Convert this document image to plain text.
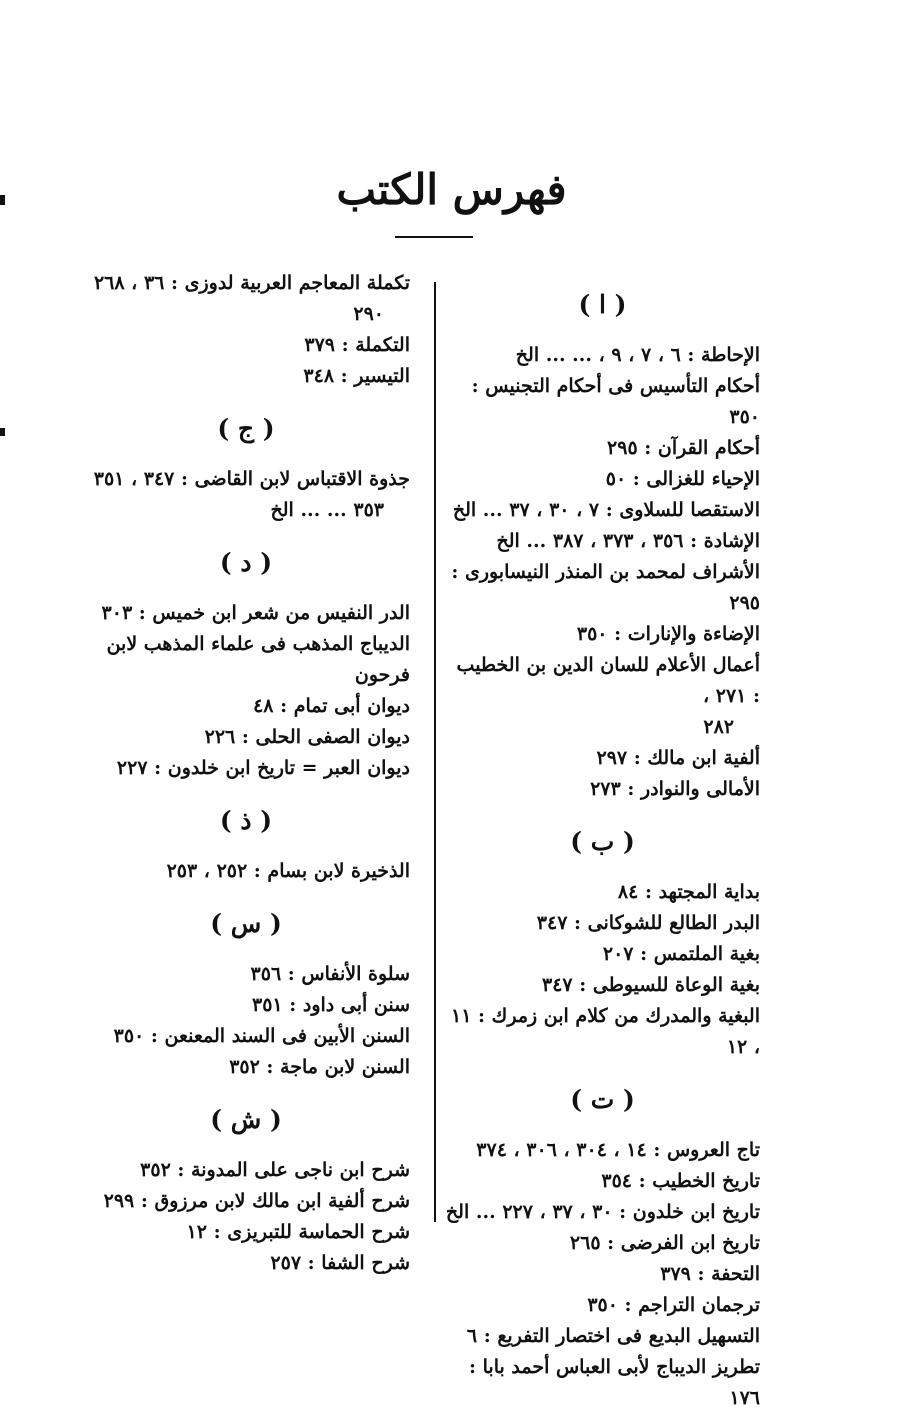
فهرس الكتب
( ا )
الإحاطة : ٦ ، ٧ ، ٩ ، ... ... الخ
أحكام التأسيس فى أحكام التجنيس : ٣٥٠
أحكام القرآن : ٢٩٥
الإحياء للغزالى : ٥٠
الاستقصا للسلاوى : ٧ ، ٣٠ ، ٣٧ ... الخ
الإشادة : ٣٥٦ ، ٣٧٣ ، ٣٨٧ ... الخ
الأشراف لمحمد بن المنذر النيسابورى : ٢٩٥
الإضاءة والإنارات : ٣٥٠
أعمال الأعلام للسان الدين بن الخطيب : ٢٧١ ،
٢٨٢
ألفية ابن مالك : ٢٩٧
الأمالى والنوادر : ٢٧٣
( ب )
بداية المجتهد : ٨٤
البدر الطالع للشوكانى : ٣٤٧
بغية الملتمس : ٢٠٧
بغية الوعاة للسيوطى : ٣٤٧
البغية والمدرك من كلام ابن زمرك : ١١ ، ١٢
( ت )
تاج العروس : ١٤ ، ٣٠٤ ، ٣٠٦ ، ٣٧٤
تاريخ الخطيب : ٣٥٤
تاريخ ابن خلدون : ٣٠ ، ٣٧ ، ٢٢٧ ... الخ
تاريخ ابن الفرضى : ٢٦٥
التحفة : ٣٧٩
ترجمان التراجم : ٣٥٠
التسهيل البديع فى اختصار التفريع : ٦
تطريز الديباج لأبى العباس أحمد بابا : ١٧٦
تكملة المعاجم العربية لدوزى : ٣٦ ، ٢٦٨
٢٩٠
التكملة : ٣٧٩
التيسير : ٣٤٨
( ج )
جذوة الاقتباس لابن القاضى : ٣٤٧ ، ٣٥١
٣٥٣ ... ... الخ
( د )
الدر النفيس من شعر ابن خميس : ٣٠٣
الديباج المذهب فى علماء المذهب لابن فرحون
ديوان أبى تمام : ٤٨
ديوان الصفى الحلى : ٢٢٦
ديوان العبر = تاريخ ابن خلدون : ٢٢٧
( ذ )
الذخيرة لابن بسام : ٢٥٢ ، ٢٥٣
( س )
سلوة الأنفاس : ٣٥٦
سنن أبى داود : ٣٥١
السنن الأبين فى السند المعنعن : ٣٥٠
السنن لابن ماجة : ٣٥٢
( ش )
شرح ابن ناجى على المدونة : ٣٥٢
شرح ألفية ابن مالك لابن مرزوق : ٢٩٩
شرح الحماسة للتبريزى : ١٢
شرح الشفا : ٢٥٧
